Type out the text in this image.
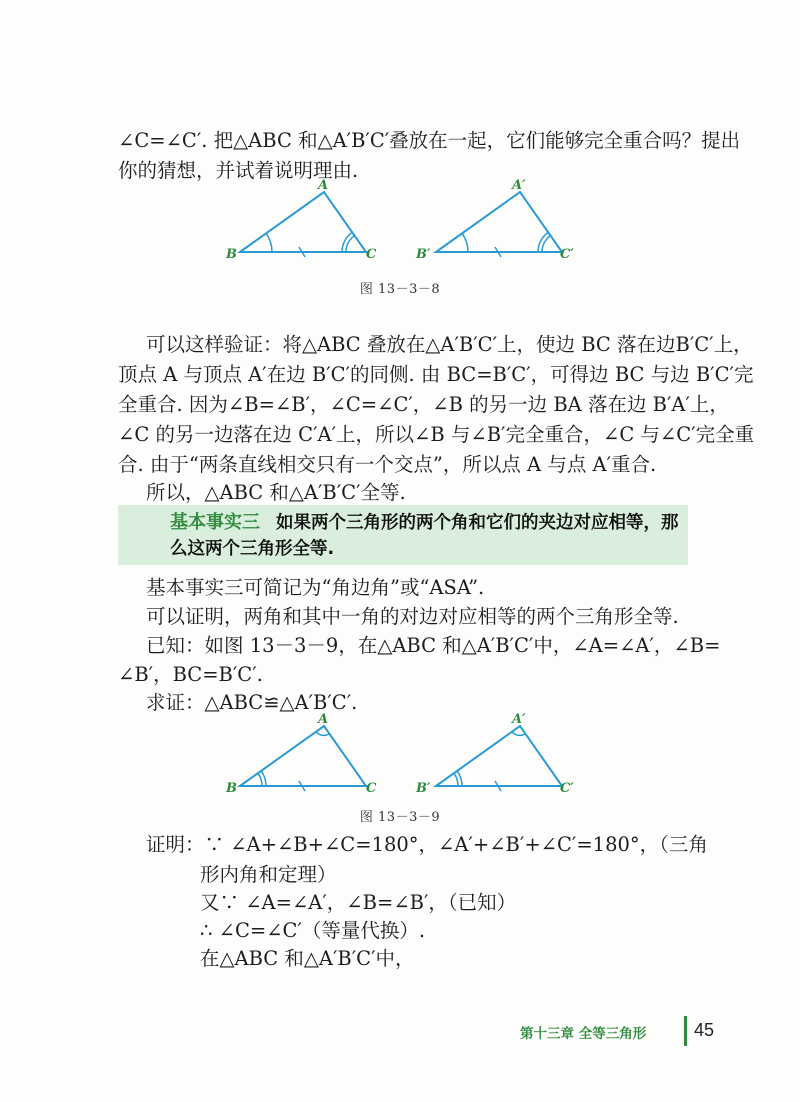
∠C=∠C′. 把△ABC 和△A′B′C′叠放在一起，它们能够完全重合吗？提出
你的猜想，并试着说明理由.
A
B	C
A′
B′	C′
图 13－3－8
可以这样验证：将△ABC 叠放在△A′B′C′上，使边 BC 落在边B′C′上，
顶点 A 与顶点 A′在边 B′C′的同侧. 由 BC=B′C′，可得边 BC 与边 B′C′完
全重合. 因为∠B=∠B′，∠C=∠C′，∠B 的另一边 BA 落在边 B′A′上，
∠C 的另一边落在边 C′A′上，所以∠B 与∠B′完全重合，∠C 与∠C′完全重
合. 由于“两条直线相交只有一个交点”，所以点 A 与点 A′重合.
所以，△ABC 和△A′B′C′全等.
基本事实三 如果两个三角形的两个角和它们的夹边对应相等，那
么这两个三角形全等.
基本事实三可简记为“角边角”或“ASA”.
可以证明，两角和其中一角的对边对应相等的两个三角形全等.
已知：如图 13－3－9，在△ABC 和△A′B′C′中，∠A=∠A′，∠B=
∠B′，BC=B′C′.
求证：△ABC≌△A′B′C′.
A
B	C
A′
B′	C′
图 13－3－9
证明：∵ ∠A+∠B+∠C=180°，∠A′+∠B′+∠C′=180°，（三角
形内角和定理）
又∵ ∠A=∠A′，∠B=∠B′，（已知）
∴ ∠C=∠C′（等量代换）.
在△ABC 和△A′B′C′中，
第十三章 全等三角形	45
